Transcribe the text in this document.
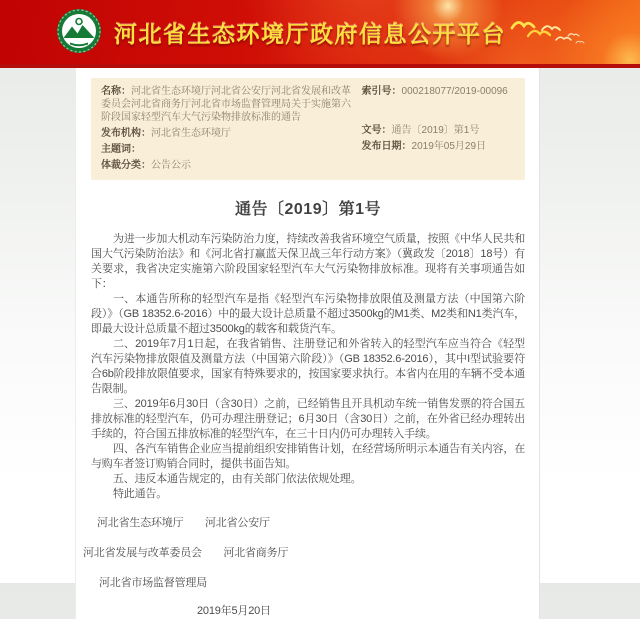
河北省生态环境厅政府信息公开平台
名称：河北省生态环境厅河北省公安厅河北省发展和改革委员会河北省商务厅河北省市场监督管理局关于实施第六阶段国家轻型汽车大气污染物排放标准的通告
发布机构：河北省生态环境厅
主题词：
体裁分类：公告公示
索引号：000218077/2019-00096
文号：通告〔2019〕第1号
发布日期：2019年05月29日
通告〔2019〕第1号

为进一步加大机动车污染防治力度，持续改善我省环境空气质量，按照《中华人民共和国大气污染防治法》和《河北省打赢蓝天保卫战三年行动方案》（冀政发〔2018〕18号）有关要求，我省决定实施第六阶段国家轻型汽车大气污染物排放标准。现将有关事项通告如下：

一、本通告所称的轻型汽车是指《轻型汽车污染物排放限值及测量方法（中国第六阶段）》（GB 18352.6-2016）中的最大设计总质量不超过3500kg的M1类、M2类和N1类汽车，即最大设计总质量不超过3500kg的载客和载货汽车。

二、2019年7月1日起，在我省销售、注册登记和外省转入的轻型汽车应当符合《轻型汽车污染物排放限值及测量方法（中国第六阶段）》（GB 18352.6-2016），其中I型试验要符合6b阶段排放限值要求，国家有特殊要求的，按国家要求执行。本省内在用的车辆不受本通告限制。

三、2019年6月30日（含30日）之前，已经销售且开具机动车统一销售发票的符合国五排放标准的轻型汽车，仍可办理注册登记；6月30日（含30日）之前，在外省已经办理转出手续的，符合国五排放标准的轻型汽车，在三十日内仍可办理转入手续。

四、各汽车销售企业应当提前组织安排销售计划，在经营场所明示本通告有关内容，在与购车者签订购销合同时，提供书面告知。

五、违反本通告规定的，由有关部门依法依规处理。

特此通告。

河北省生态环境厅　　河北省公安厅
河北省发展与改革委员会　　河北省商务厅
河北省市场监督管理局
2019年5月20日
